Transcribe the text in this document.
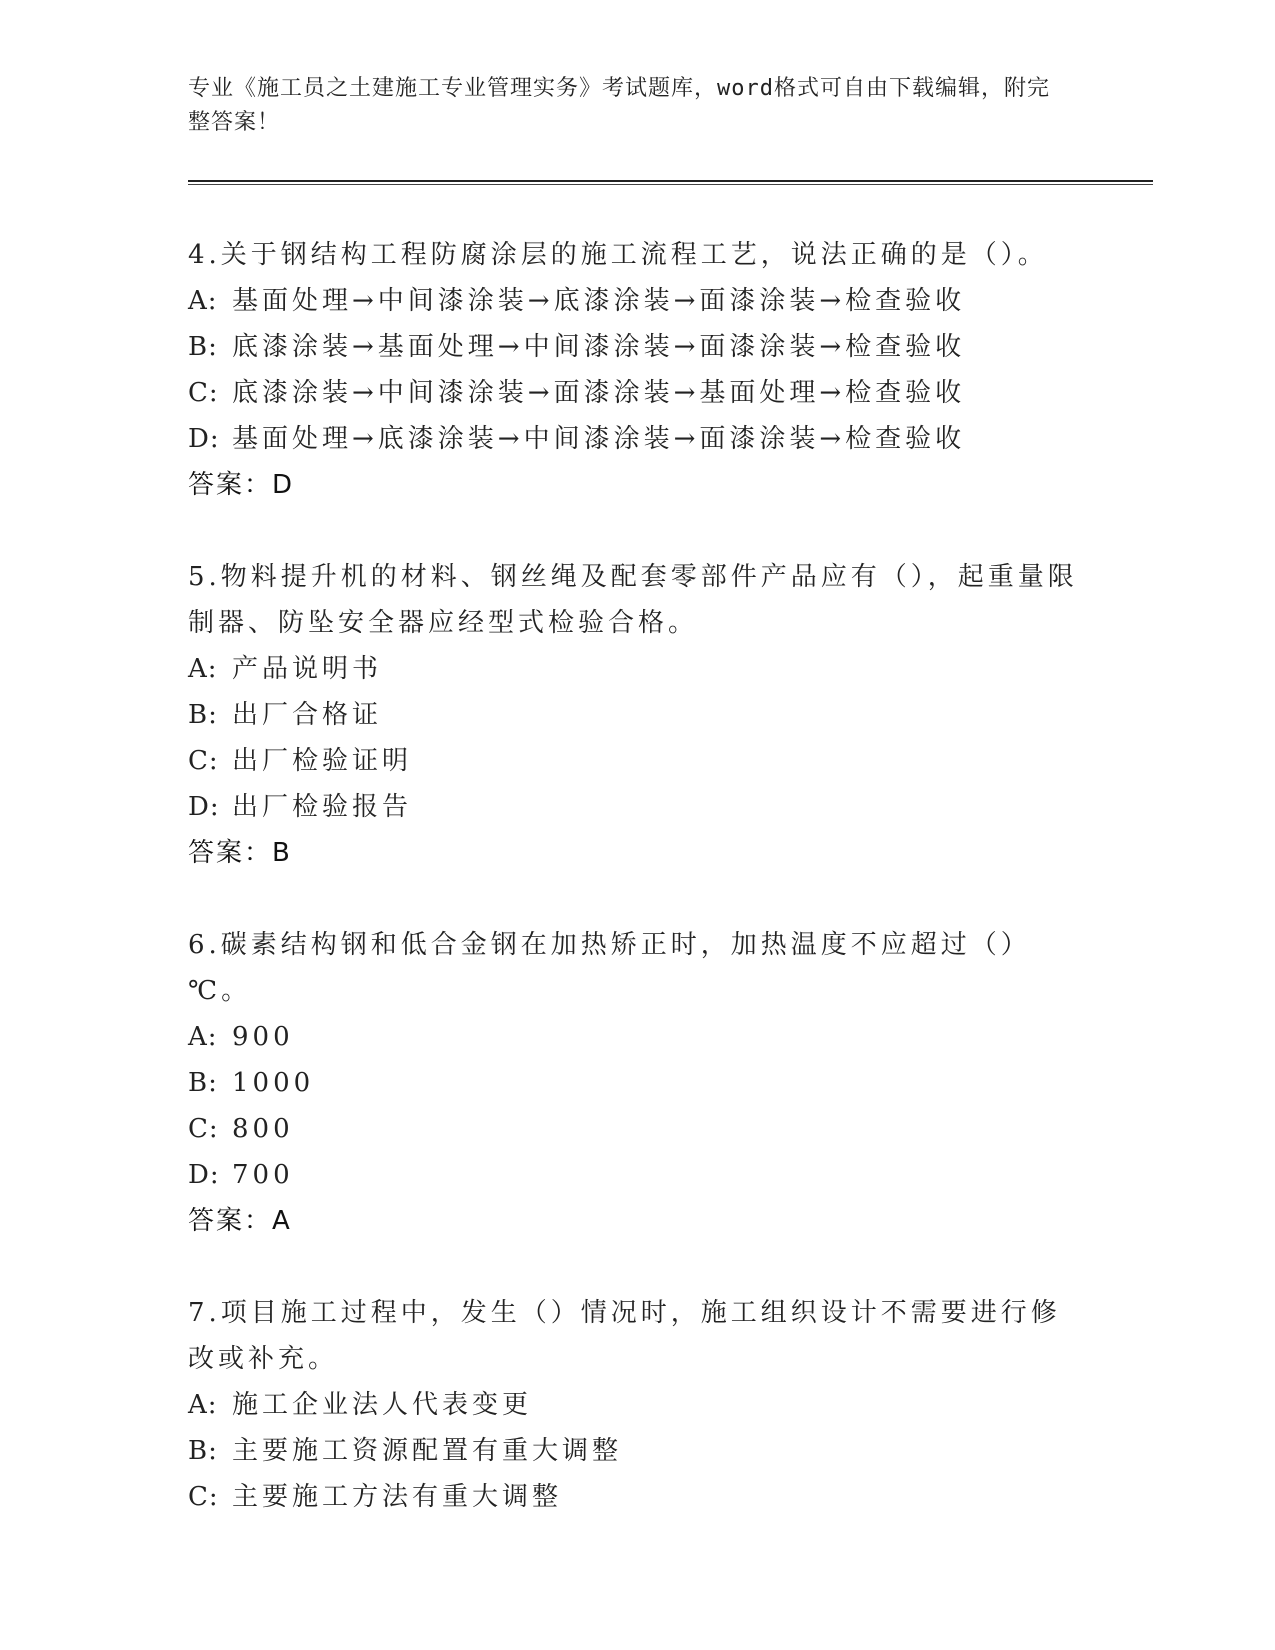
专业《施工员之土建施工专业管理实务》考试题库，word格式可自由下载编辑，附完整答案！
4.关于钢结构工程防腐涂层的施工流程工艺，说法正确的是（）。
A: 基面处理→中间漆涂装→底漆涂装→面漆涂装→检查验收
B: 底漆涂装→基面处理→中间漆涂装→面漆涂装→检查验收
C: 底漆涂装→中间漆涂装→面漆涂装→基面处理→检查验收
D: 基面处理→底漆涂装→中间漆涂装→面漆涂装→检查验收
答案：D
5.物料提升机的材料、钢丝绳及配套零部件产品应有（），起重量限制器、防坠安全器应经型式检验合格。
A: 产品说明书
B: 出厂合格证
C: 出厂检验证明
D: 出厂检验报告
答案：B
6.碳素结构钢和低合金钢在加热矫正时，加热温度不应超过（）℃。
A: 900
B: 1000
C: 800
D: 700
答案：A
7.项目施工过程中，发生（）情况时，施工组织设计不需要进行修改或补充。
A: 施工企业法人代表变更
B: 主要施工资源配置有重大调整
C: 主要施工方法有重大调整
